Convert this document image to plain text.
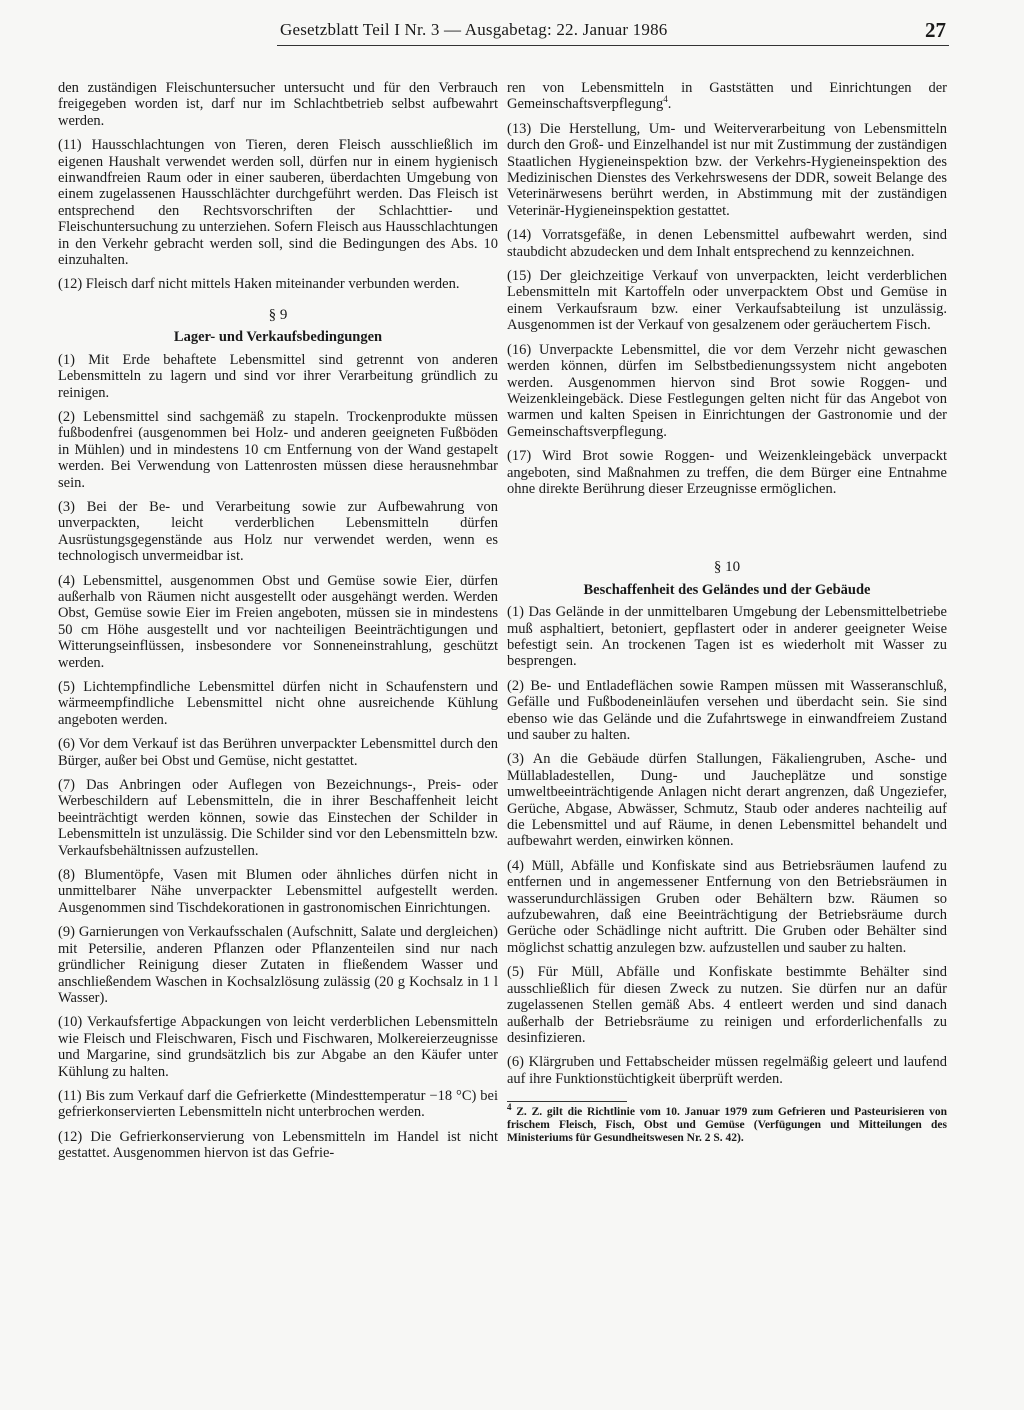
Gesetzblatt Teil I Nr. 3 — Ausgabetag: 22. Januar 1986	27

den zuständigen Fleischuntersucher untersucht und für den Verbrauch freigegeben worden ist, darf nur im Schlachtbetrieb selbst aufbewahrt werden.

(11) Hausschlachtungen von Tieren, deren Fleisch ausschließlich im eigenen Haushalt verwendet werden soll, dürfen nur in einem hygienisch einwandfreien Raum oder in einer sauberen, überdachten Umgebung von einem zugelassenen Hausschlächter durchgeführt werden. Das Fleisch ist entsprechend den Rechtsvorschriften der Schlachttier- und Fleischuntersuchung zu unterziehen. Sofern Fleisch aus Hausschlachtungen in den Verkehr gebracht werden soll, sind die Bedingungen des Abs. 10 einzuhalten.

(12) Fleisch darf nicht mittels Haken miteinander verbunden werden.

§ 9
Lager- und Verkaufsbedingungen

(1) Mit Erde behaftete Lebensmittel sind getrennt von anderen Lebensmitteln zu lagern und sind vor ihrer Verarbeitung gründlich zu reinigen.

(2) Lebensmittel sind sachgemäß zu stapeln. Trockenprodukte müssen fußbodenfrei (ausgenommen bei Holz- und anderen geeigneten Fußböden in Mühlen) und in mindestens 10 cm Entfernung von der Wand gestapelt werden. Bei Verwendung von Lattenrosten müssen diese herausnehmbar sein.

(3) Bei der Be- und Verarbeitung sowie zur Aufbewahrung von unverpackten, leicht verderblichen Lebensmitteln dürfen Ausrüstungsgegenstände aus Holz nur verwendet werden, wenn es technologisch unvermeidbar ist.

(4) Lebensmittel, ausgenommen Obst und Gemüse sowie Eier, dürfen außerhalb von Räumen nicht ausgestellt oder ausgehängt werden. Werden Obst, Gemüse sowie Eier im Freien angeboten, müssen sie in mindestens 50 cm Höhe ausgestellt und vor nachteiligen Beeinträchtigungen und Witterungseinflüssen, insbesondere vor Sonneneinstrahlung, geschützt werden.

(5) Lichtempfindliche Lebensmittel dürfen nicht in Schaufenstern und wärmeempfindliche Lebensmittel nicht ohne ausreichende Kühlung angeboten werden.

(6) Vor dem Verkauf ist das Berühren unverpackter Lebensmittel durch den Bürger, außer bei Obst und Gemüse, nicht gestattet.

(7) Das Anbringen oder Auflegen von Bezeichnungs-, Preis- oder Werbeschildern auf Lebensmitteln, die in ihrer Beschaffenheit leicht beeinträchtigt werden können, sowie das Einstechen der Schilder in Lebensmitteln ist unzulässig. Die Schilder sind vor den Lebensmitteln bzw. Verkaufsbehältnissen aufzustellen.

(8) Blumentöpfe, Vasen mit Blumen oder ähnliches dürfen nicht in unmittelbarer Nähe unverpackter Lebensmittel aufgestellt werden. Ausgenommen sind Tischdekorationen in gastronomischen Einrichtungen.

(9) Garnierungen von Verkaufsschalen (Aufschnitt, Salate und dergleichen) mit Petersilie, anderen Pflanzen oder Pflanzenteilen sind nur nach gründlicher Reinigung dieser Zutaten in fließendem Wasser und anschließendem Waschen in Kochsalzlösung zulässig (20 g Kochsalz in 1 l Wasser).

(10) Verkaufsfertige Abpackungen von leicht verderblichen Lebensmitteln wie Fleisch und Fleischwaren, Fisch und Fischwaren, Molkereierzeugnisse und Margarine, sind grundsätzlich bis zur Abgabe an den Käufer unter Kühlung zu halten.

(11) Bis zum Verkauf darf die Gefrierkette (Mindesttemperatur −18 °C) bei gefrierkonservierten Lebensmitteln nicht unterbrochen werden.

(12) Die Gefrierkonservierung von Lebensmitteln im Handel ist nicht gestattet. Ausgenommen hiervon ist das Gefrie-

ren von Lebensmitteln in Gaststätten und Einrichtungen der Gemeinschaftsverpflegung$^4$.

(13) Die Herstellung, Um- und Weiterverarbeitung von Lebensmitteln durch den Groß- und Einzelhandel ist nur mit Zustimmung der zuständigen Staatlichen Hygieneinspektion bzw. der Verkehrs-Hygieneinspektion des Medizinischen Dienstes des Verkehrswesens der DDR, soweit Belange des Veterinärwesens berührt werden, in Abstimmung mit der zuständigen Veterinär-Hygieneinspektion gestattet.

(14) Vorratsgefäße, in denen Lebensmittel aufbewahrt werden, sind staubdicht abzudecken und dem Inhalt entsprechend zu kennzeichnen.

(15) Der gleichzeitige Verkauf von unverpackten, leicht verderblichen Lebensmitteln mit Kartoffeln oder unverpacktem Obst und Gemüse in einem Verkaufsraum bzw. einer Verkaufsabteilung ist unzulässig. Ausgenommen ist der Verkauf von gesalzenem oder geräuchertem Fisch.

(16) Unverpackte Lebensmittel, die vor dem Verzehr nicht gewaschen werden können, dürfen im Selbstbedienungssystem nicht angeboten werden. Ausgenommen hiervon sind Brot sowie Roggen- und Weizenkleingebäck. Diese Festlegungen gelten nicht für das Angebot von warmen und kalten Speisen in Einrichtungen der Gastronomie und der Gemeinschaftsverpflegung.

(17) Wird Brot sowie Roggen- und Weizenkleingebäck unverpackt angeboten, sind Maßnahmen zu treffen, die dem Bürger eine Entnahme ohne direkte Berührung dieser Erzeugnisse ermöglichen.

§ 10
Beschaffenheit des Geländes und der Gebäude

(1) Das Gelände in der unmittelbaren Umgebung der Lebensmittelbetriebe muß asphaltiert, betoniert, gepflastert oder in anderer geeigneter Weise befestigt sein. An trockenen Tagen ist es wiederholt mit Wasser zu besprengen.

(2) Be- und Entladeflächen sowie Rampen müssen mit Wasseranschluß, Gefälle und Fußbodeneinläufen versehen und überdacht sein. Sie sind ebenso wie das Gelände und die Zufahrtswege in einwandfreiem Zustand und sauber zu halten.

(3) An die Gebäude dürfen Stallungen, Fäkaliengruben, Asche- und Müllabladestellen, Dung- und Jaucheplätze und sonstige umweltbeeinträchtigende Anlagen nicht derart angrenzen, daß Ungeziefer, Gerüche, Abgase, Abwässer, Schmutz, Staub oder anderes nachteilig auf die Lebensmittel und auf Räume, in denen Lebensmittel behandelt und aufbewahrt werden, einwirken können.

(4) Müll, Abfälle und Konfiskate sind aus Betriebsräumen laufend zu entfernen und in angemessener Entfernung von den Betriebsräumen in wasserundurchlässigen Gruben oder Behältern bzw. Räumen so aufzubewahren, daß eine Beeinträchtigung der Betriebsräume durch Gerüche oder Schädlinge nicht auftritt. Die Gruben oder Behälter sind möglichst schattig anzulegen bzw. aufzustellen und sauber zu halten.

(5) Für Müll, Abfälle und Konfiskate bestimmte Behälter sind ausschließlich für diesen Zweck zu nutzen. Sie dürfen nur an dafür zugelassenen Stellen gemäß Abs. 4 entleert werden und sind danach außerhalb der Betriebsräume zu reinigen und erforderlichenfalls zu desinfizieren.

(6) Klärgruben und Fettabscheider müssen regelmäßig geleert und laufend auf ihre Funktionstüchtigkeit überprüft werden.

$^4$ Z. Z. gilt die Richtlinie vom 10. Januar 1979 zum Gefrieren und Pasteurisieren von frischem Fleisch, Fisch, Obst und Gemüse (Verfügungen und Mitteilungen des Ministeriums für Gesundheitswesen Nr. 2 S. 42).
